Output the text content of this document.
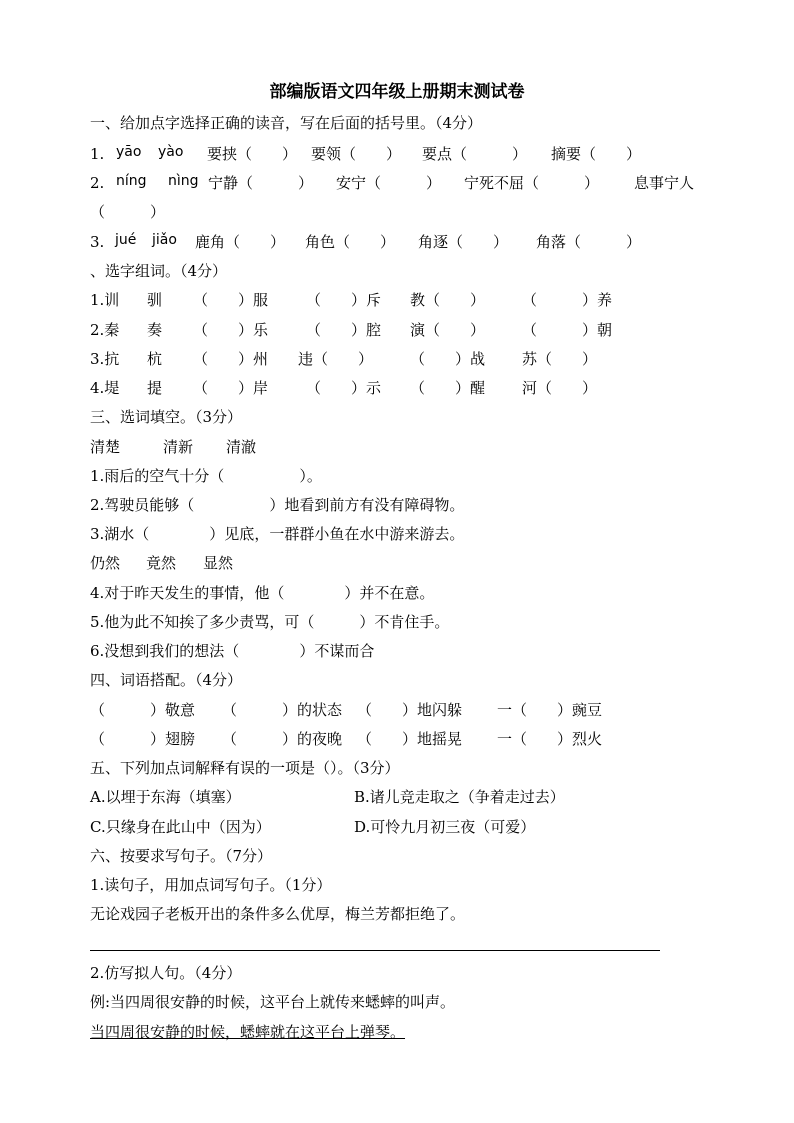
部编版语文四年级上册期末测试卷
一、给加点字选择正确的读音，写在后面的括号里。（4分）
1. yāo yào 要挟（　　） 要领（　　） 要点（　　　） 摘要（　　）
2. níng nìng 宁静（　　　） 安宁（　　　） 宁死不屈（　　　） 息事宁人
（　　　）
3. jué jiǎo 鹿角（　　） 角色（　　） 角逐（　　） 角落（　　　）
、选字组词。（4分）
1.训 驯 （　　）服	（　　）斥 教（　　） （　　　）养
2.秦 奏 （　　）乐	（　　）腔 演（　　） （　　　）朝
3.抗 杭 （　　）州 违（　　） （　　）战 苏（　　）
4.堤 提 （　　）岸	（　　）示 （　　）醒 河（　　）
三、选词填空。（3分）
清楚	清新 清澈
1.雨后的空气十分（　　　　　）。
2.驾驶员能够（　　　　　）地看到前方有没有障碍物。
3.湖水（　　　　）见底，一群群小鱼在水中游来游去。
仍然 竟然 显然
4.对于昨天发生的事情，他（　　　　）并不在意。
5.他为此不知挨了多少责骂，可（　　　）不肯住手。
6.没想到我们的想法（　　　　）不谋而合
四、词语搭配。（4分）
（　　　）敬意 （　　　）的状态 （　　）地闪躲 一（　　）豌豆
（　　　）翅膀 （　　　）的夜晚 （　　）地摇晃 一（　　）烈火
五、下列加点词解释有误的一项是（）。（3分）
A.以埋于东海（填塞）	B.诸儿竞走取之（争着走过去）
C.只缘身在此山中（因为）	D.可怜九月初三夜（可爱）
六、按要求写句子。（7分）
1.读句子，用加点词写句子。（1分）
无论戏园子老板开出的条件多么优厚，梅兰芳都拒绝了。
2.仿写拟人句。（4分）
例:当四周很安静的时候，这平台上就传来蟋蟀的叫声。
当四周很安静的时候，蟋蟀就在这平台上弹琴。
